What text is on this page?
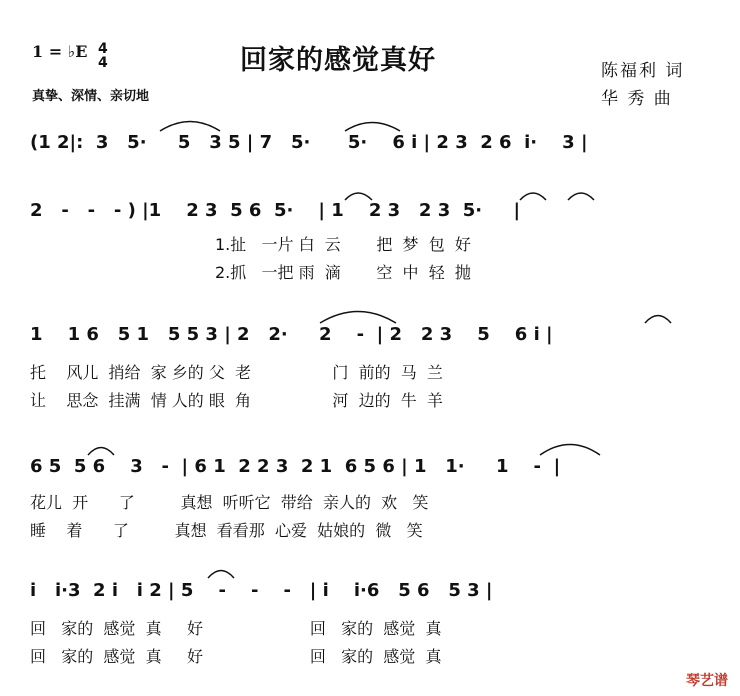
1 = ♭E 4
4	回家的感觉真好
真挚、深情、亲切地
陈福利 词
华 秀 曲
(1 2|:  3   5·     5   3 5 | 7   5·      5·    6 i | 2 3  2 6  i·    3 |
2   -   -   - ) |1    2 3  5 6  5·    | 1    2 3   2 3  5·     |
1.扯   一片 白  云       把  梦  包  好
2.抓   一把 雨  滴       空  中  轻  抛
1    1 6   5 1   5 5 3 | 2   2·     2    -  | 2   2 3    5    6 i |
托    风儿  捎给  家 乡的 父  老                门  前的  马  兰
让    思念  挂满  情 人的 眼  角                河  边的  牛  羊
6 5  5 6    3   -  | 6 1  2 2 3  2 1  6 5 6 | 1   1·     1    -  |
花儿  开      了         真想  听听它  带给  亲人的  欢   笑
睡    着      了         真想  看看那  心爱  姑娘的  微   笑
i   i·3  2 i   i 2 | 5    -    -    -   | i    i·6   5 6   5 3 |
回   家的  感觉  真     好                     回   家的  感觉  真
回   家的  感觉  真     好                     回   家的  感觉  真
琴艺谱
